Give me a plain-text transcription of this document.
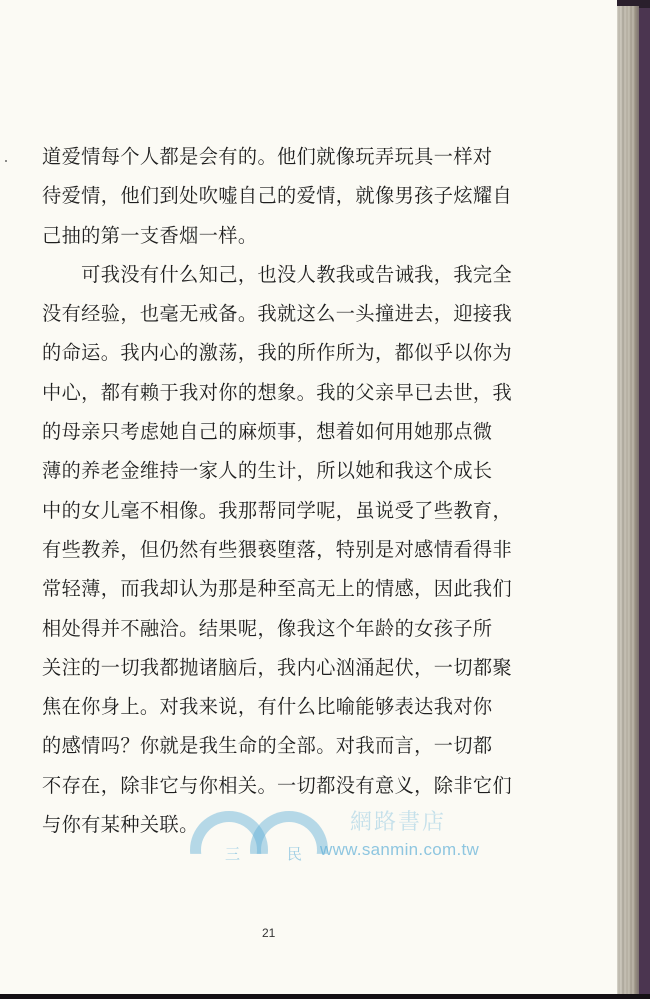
道爱情每个人都是会有的。他们就像玩弄玩具一样对
待爱情，他们到处吹嘘自己的爱情，就像男孩子炫耀自
己抽的第一支香烟一样。
　　可我没有什么知己，也没人教我或告诫我，我完全
没有经验，也毫无戒备。我就这么一头撞进去，迎接我
的命运。我内心的激荡，我的所作所为，都似乎以你为
中心，都有赖于我对你的想象。我的父亲早已去世，我
的母亲只考虑她自己的麻烦事，想着如何用她那点微
薄的养老金维持一家人的生计，所以她和我这个成长
中的女儿毫不相像。我那帮同学呢，虽说受了些教育，
有些教养，但仍然有些猥亵堕落，特别是对感情看得非
常轻薄，而我却认为那是种至高无上的情感，因此我们
相处得并不融洽。结果呢，像我这个年龄的女孩子所
关注的一切我都抛诸脑后，我内心汹涌起伏，一切都聚
焦在你身上。对我来说，有什么比喻能够表达我对你
的感情吗？你就是我生命的全部。对我而言，一切都
不存在，除非它与你相关。一切都没有意义，除非它们
与你有某种关联。
三	民
網路書店
www.sanmin.com.tw
21
